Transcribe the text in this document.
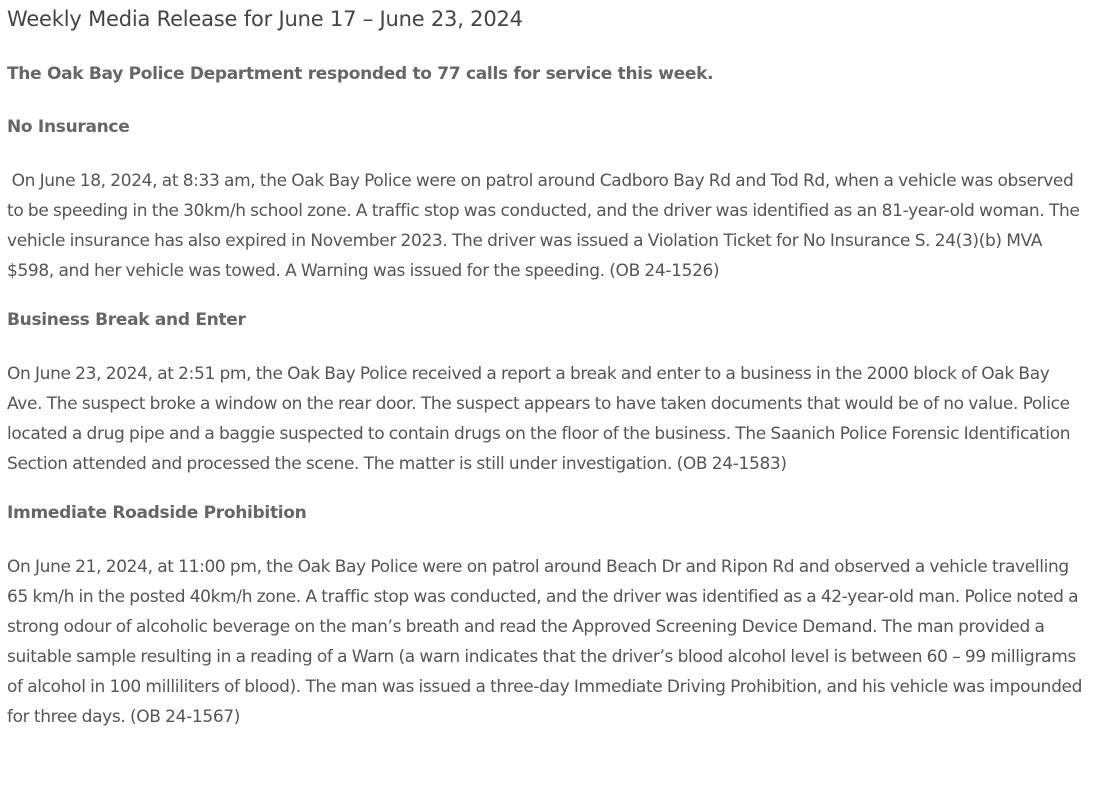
Weekly Media Release for June 17 – June 23, 2024

The Oak Bay Police Department responded to 77 calls for service this week.

No Insurance

On June 18, 2024, at 8:33 am, the Oak Bay Police were on patrol around Cadboro Bay Rd and Tod Rd, when a vehicle was observed to be speeding in the 30km/h school zone. A traffic stop was conducted, and the driver was identified as an 81-year-old woman. The vehicle insurance has also expired in November 2023. The driver was issued a Violation Ticket for No Insurance S. 24(3)(b) MVA $598, and her vehicle was towed. A Warning was issued for the speeding. (OB 24-1526)

Business Break and Enter

On June 23, 2024, at 2:51 pm, the Oak Bay Police received a report a break and enter to a business in the 2000 block of Oak Bay Ave. The suspect broke a window on the rear door. The suspect appears to have taken documents that would be of no value. Police located a drug pipe and a baggie suspected to contain drugs on the floor of the business. The Saanich Police Forensic Identification Section attended and processed the scene. The matter is still under investigation. (OB 24-1583)

Immediate Roadside Prohibition

On June 21, 2024, at 11:00 pm, the Oak Bay Police were on patrol around Beach Dr and Ripon Rd and observed a vehicle travelling 65 km/h in the posted 40km/h zone. A traffic stop was conducted, and the driver was identified as a 42-year-old man. Police noted a strong odour of alcoholic beverage on the man’s breath and read the Approved Screening Device Demand. The man provided a suitable sample resulting in a reading of a Warn (a warn indicates that the driver’s blood alcohol level is between 60 – 99 milligrams of alcohol in 100 milliliters of blood). The man was issued a three-day Immediate Driving Prohibition, and his vehicle was impounded for three days. (OB 24-1567)
